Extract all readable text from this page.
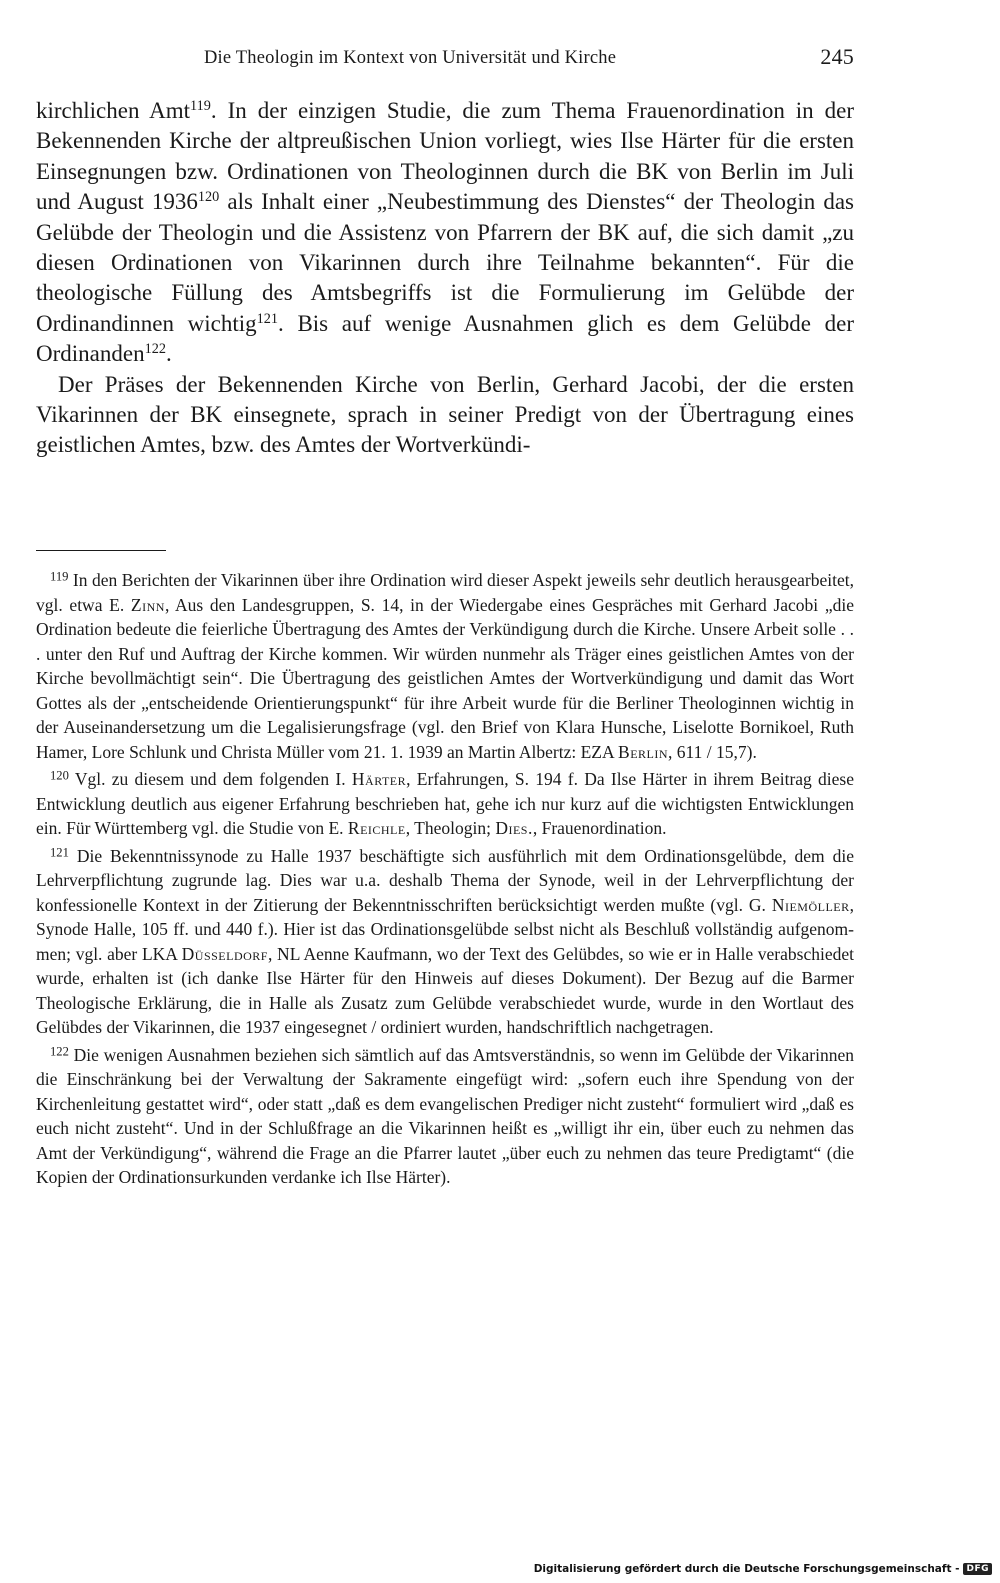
Die Theologin im Kontext von Universität und Kirche	245

kirchlichen Amt$^{119}$. In der einzigen Studie, die zum Thema Frauenordination in der Bekennenden Kirche der altpreußischen Union vorliegt, wies Ilse Härter für die ersten Einsegnungen bzw. Ordinationen von Theologinnen durch die BK von Berlin im Juli und August 1936$^{120}$ als Inhalt einer „Neubestimmung des Dienstes“ der Theologin das Gelübde der Theologin und die Assistenz von Pfarrern der BK auf, die sich damit „zu diesen Ordinationen von Vikarinnen durch ihre Teilnahme bekannten“. Für die theologische Füllung des Amtsbegriffs ist die Formulierung im Gelübde der Ordinandinnen wichtig$^{121}$. Bis auf wenige Ausnahmen glich es dem Gelübde der Ordinanden$^{122}$.

Der Präses der Bekennenden Kirche von Berlin, Gerhard Jacobi, der die ersten Vikarinnen der BK einsegnete, sprach in seiner Predigt von der Übertragung eines geistlichen Amtes, bzw. des Amtes der Wortverkündi-

$^{119}$ In den Berichten der Vikarinnen über ihre Ordination wird dieser Aspekt jeweils sehr deutlich herausgearbeitet, vgl. etwa E. Zinn, Aus den Landesgruppen, S. 14, in der Wiedergabe eines Gespräches mit Gerhard Jacobi „die Ordination bedeute die feierliche Übertragung des Amtes der Verkündigung durch die Kirche. Unsere Arbeit solle . . . unter den Ruf und Auftrag der Kirche kommen. Wir würden nunmehr als Träger eines geistlichen Amtes von der Kirche bevollmächtigt sein“. Die Übertragung des geistlichen Amtes der Wortverkündigung und damit das Wort Gottes als der „entscheidende Orientierungspunkt“ für ihre Arbeit wurde für die Berliner Theologinnen wichtig in der Auseinandersetzung um die Legalisierungsfrage (vgl. den Brief von Klara Hunsche, Liselotte Bornikoel, Ruth Hamer, Lore Schlunk und Christa Müller vom 21. 1. 1939 an Martin Albertz: EZA Berlin, 611 / 15,7).

$^{120}$ Vgl. zu diesem und dem folgenden I. Härter, Erfahrungen, S. 194 f. Da Ilse Härter in ihrem Beitrag diese Entwicklung deutlich aus eigener Erfahrung beschrieben hat, gehe ich nur kurz auf die wichtigsten Entwicklungen ein. Für Württemberg vgl. die Studie von E. Reichle, Theologin; Dies., Frauenordination.

$^{121}$ Die Bekenntnissynode zu Halle 1937 beschäftigte sich ausführlich mit dem Ordinationsgelübde, dem die Lehrverpflichtung zugrunde lag. Dies war u.a. deshalb Thema der Synode, weil in der Lehrverpflichtung der konfessionelle Kontext in der Zitierung der Bekenntnisschriften berücksichtigt werden mußte (vgl. G. Niemöller, Synode Halle, 105 ff. und 440 f.). Hier ist das Ordinationsgelübde selbst nicht als Beschluß vollständig aufgenommen; vgl. aber LKA Düsseldorf, NL Aenne Kaufmann, wo der Text des Gelübdes, so wie er in Halle verabschiedet wurde, erhalten ist (ich danke Ilse Härter für den Hinweis auf dieses Dokument). Der Bezug auf die Barmer Theologische Erklärung, die in Halle als Zusatz zum Gelübde verabschiedet wurde, wurde in den Wortlaut des Gelübdes der Vikarinnen, die 1937 eingesegnet / ordiniert wurden, handschriftlich nachgetragen.

$^{122}$ Die wenigen Ausnahmen beziehen sich sämtlich auf das Amtsverständnis, so wenn im Gelübde der Vikarinnen die Einschränkung bei der Verwaltung der Sakramente eingefügt wird: „sofern euch ihre Spendung von der Kirchenleitung gestattet wird“, oder statt „daß es dem evangelischen Prediger nicht zusteht“ formuliert wird „daß es euch nicht zusteht“. Und in der Schlußfrage an die Vikarinnen heißt es „willigt ihr ein, über euch zu nehmen das Amt der Verkündigung“, während die Frage an die Pfarrer lautet „über euch zu nehmen das teure Predigtamt“ (die Kopien der Ordinationsurkunden verdanke ich Ilse Härter).

Digitalisierung gefördert durch die Deutsche Forschungsgemeinschaft - DFG
